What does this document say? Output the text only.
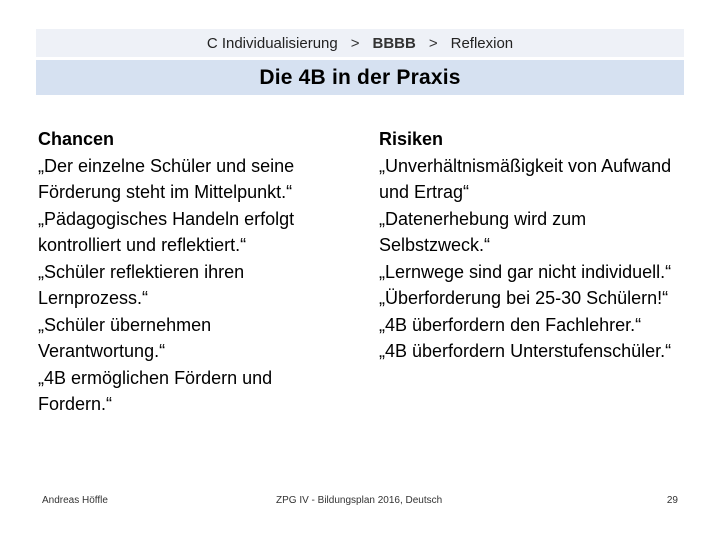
C Individualisierung > BBBB > Reflexion
Die 4B in der Praxis
Chancen
„Der einzelne Schüler und seine Förderung steht im Mittelpunkt.“
„Pädagogisches Handeln erfolgt kontrolliert und reflektiert.“
„Schüler reflektieren ihren Lernprozess.“
„Schüler übernehmen Verantwortung.“
„4B ermöglichen Fördern und Fordern.“
Risiken
„Unverhältnismäßigkeit von Aufwand und Ertrag“
„Datenerhebung wird zum Selbstzweck.“
„Lernwege sind gar nicht individuell.“
„Überforderung bei 25-30 Schülern!“
„4B überfordern den Fachlehrer.“
„4B überfordern Unterstufenschüler.“
Andreas Höffle	ZPG IV - Bildungsplan 2016, Deutsch	29
